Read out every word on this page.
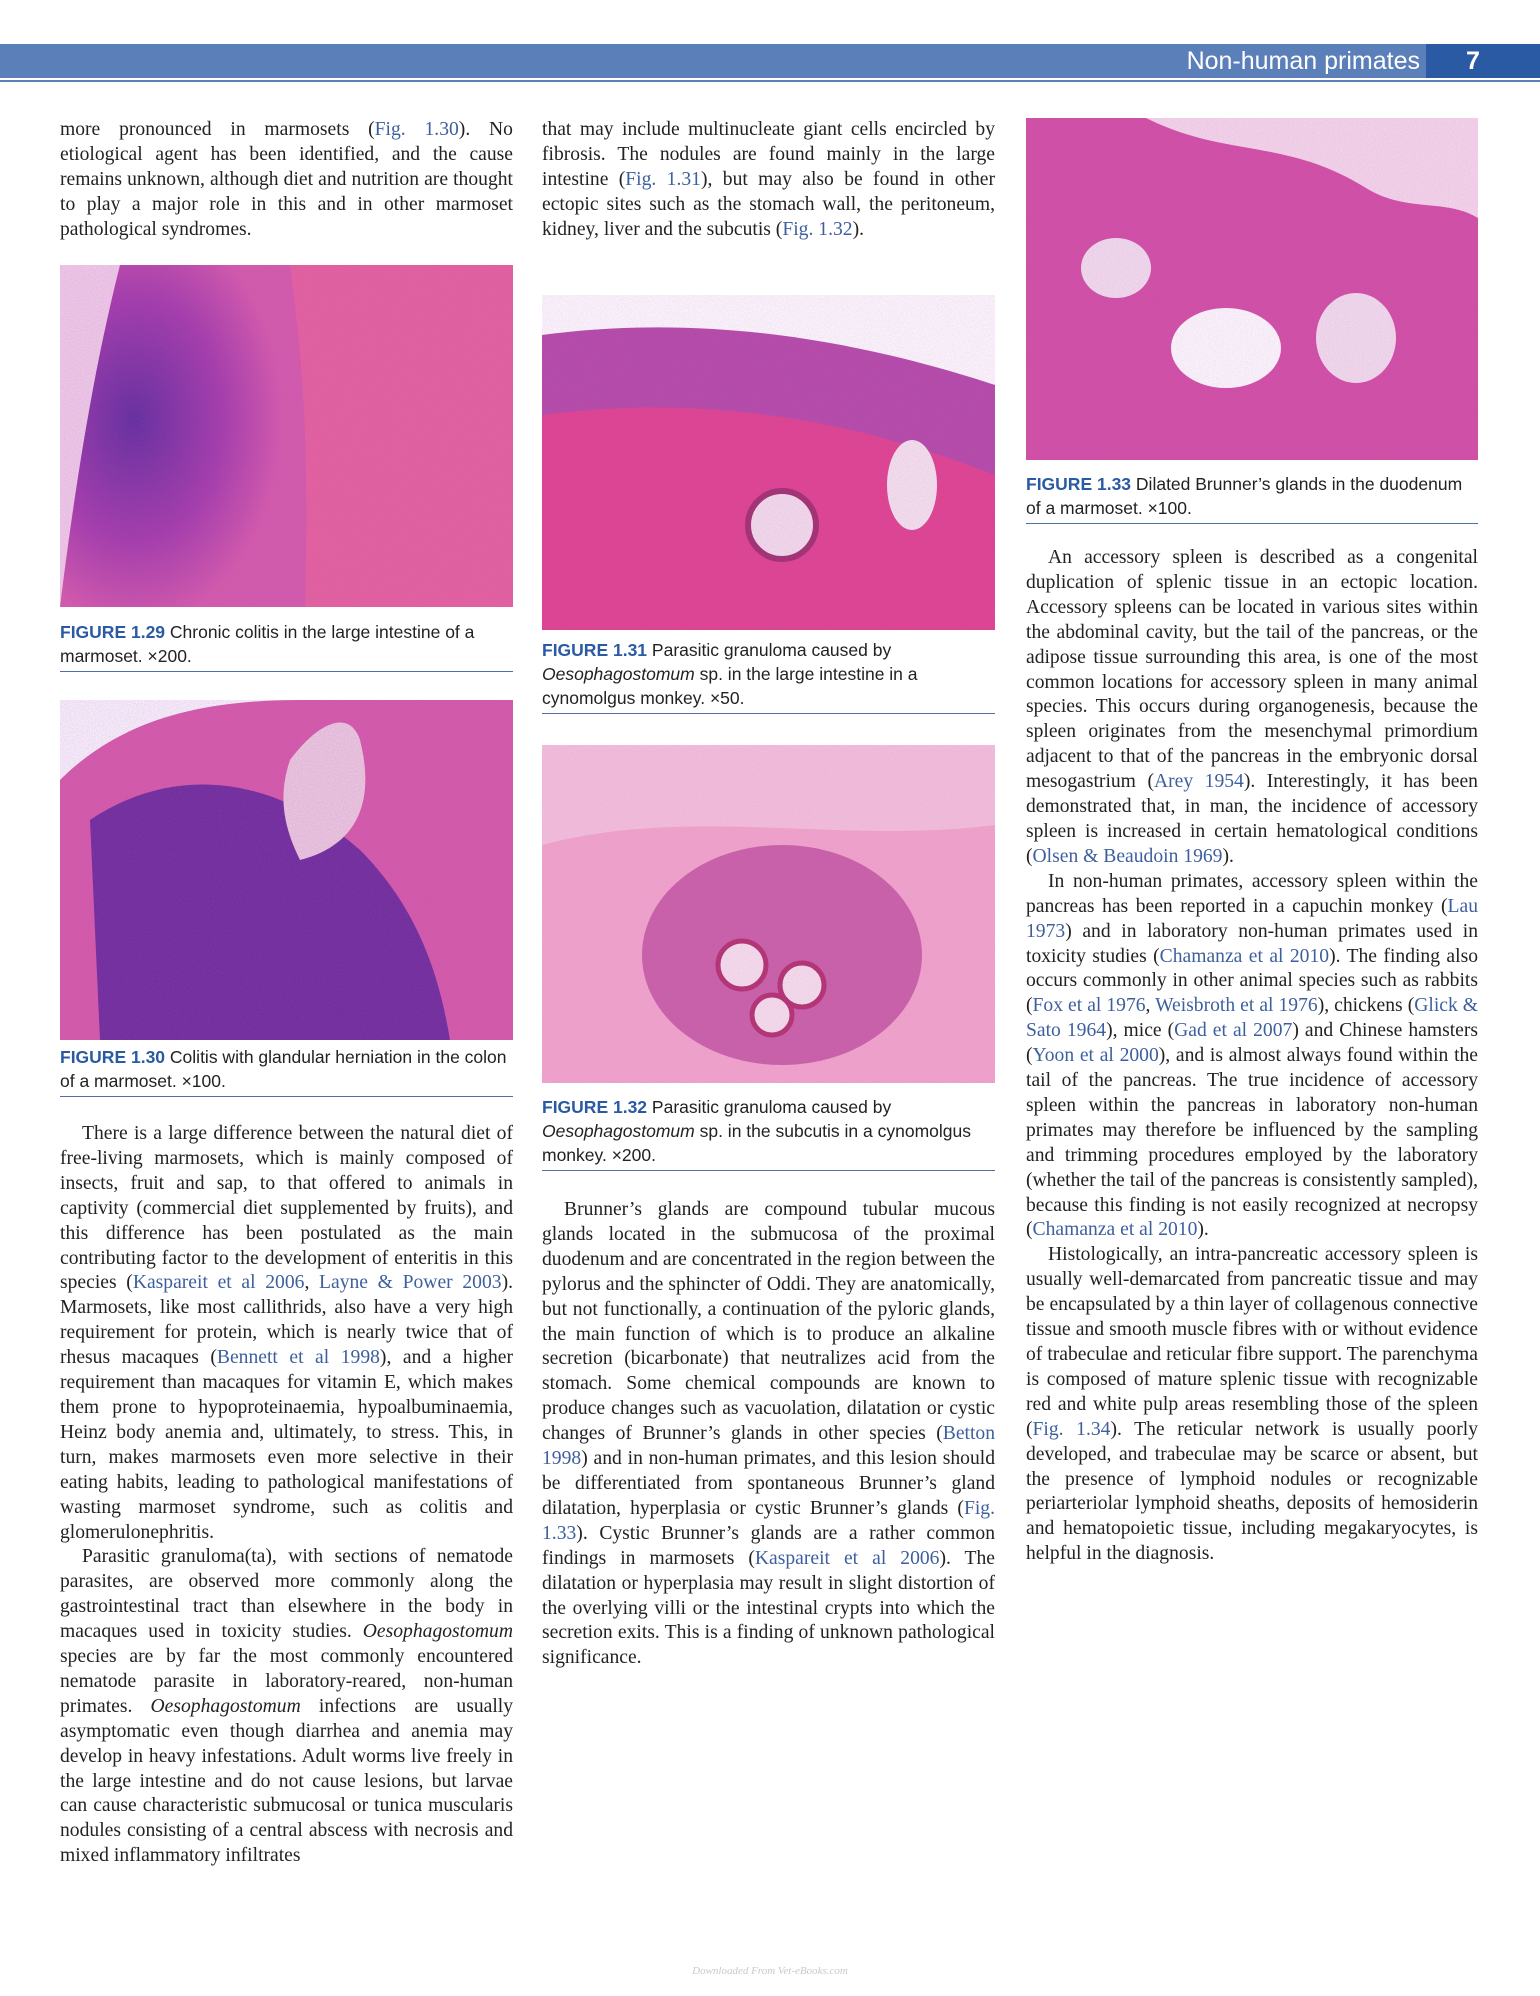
Non-human primates	7

more pronounced in marmosets (Fig. 1.30). No etiological agent has been identified, and the cause remains unknown, although diet and nutrition are thought to play a major role in this and in other marmoset pathological syndromes.

FIGURE 1.29 Chronic colitis in the large intestine of a marmoset. ×200.
FIGURE 1.30 Colitis with glandular herniation in the colon of a marmoset. ×100.

There is a large difference between the natural diet of free-living marmosets, which is mainly composed of insects, fruit and sap, to that offered to animals in captivity (commercial diet supplemented by fruits), and this difference has been postulated as the main contributing factor to the development of enteritis in this species (Kaspareit et al 2006, Layne & Power 2003). Marmosets, like most callithrids, also have a very high requirement for protein, which is nearly twice that of rhesus macaques (Bennett et al 1998), and a higher requirement than macaques for vitamin E, which makes them prone to hypoproteinaemia, hypoalbuminaemia, Heinz body anemia and, ultimately, to stress. This, in turn, makes marmosets even more selective in their eating habits, leading to pathological manifestations of wasting marmoset syndrome, such as colitis and glomerulonephritis.

Parasitic granuloma(ta), with sections of nematode parasites, are observed more commonly along the gastrointestinal tract than elsewhere in the body in macaques used in toxicity studies. Oesophagostomum species are by far the most commonly encountered nematode parasite in laboratory-reared, non-human primates. Oesophagostomum infections are usually asymptomatic even though diarrhea and anemia may develop in heavy infestations. Adult worms live freely in the large intestine and do not cause lesions, but larvae can cause characteristic submucosal or tunica muscularis nodules consisting of a central abscess with necrosis and mixed inflammatory infiltrates

that may include multinucleate giant cells encircled by fibrosis. The nodules are found mainly in the large intestine (Fig. 1.31), but may also be found in other ectopic sites such as the stomach wall, the peritoneum, kidney, liver and the subcutis (Fig. 1.32).

FIGURE 1.31 Parasitic granuloma caused by Oesophagostomum sp. in the large intestine in a cynomolgus monkey. ×50.
FIGURE 1.32 Parasitic granuloma caused by Oesophagostomum sp. in the subcutis in a cynomolgus monkey. ×200.

Brunner’s glands are compound tubular mucous glands located in the submucosa of the proximal duodenum and are concentrated in the region between the pylorus and the sphincter of Oddi. They are anatomically, but not functionally, a continuation of the pyloric glands, the main function of which is to produce an alkaline secretion (bicarbonate) that neutralizes acid from the stomach. Some chemical compounds are known to produce changes such as vacuolation, dilatation or cystic changes of Brunner’s glands in other species (Betton 1998) and in non-human primates, and this lesion should be differentiated from spontaneous Brunner’s gland dilatation, hyperplasia or cystic Brunner’s glands (Fig. 1.33). Cystic Brunner’s glands are a rather common findings in marmosets (Kaspareit et al 2006). The dilatation or hyperplasia may result in slight distortion of the overlying villi or the intestinal crypts into which the secretion exits. This is a finding of unknown pathological significance.

FIGURE 1.33 Dilated Brunner’s glands in the duodenum of a marmoset. ×100.

An accessory spleen is described as a congenital duplication of splenic tissue in an ectopic location. Accessory spleens can be located in various sites within the abdominal cavity, but the tail of the pancreas, or the adipose tissue surrounding this area, is one of the most common locations for accessory spleen in many animal species. This occurs during organogenesis, because the spleen originates from the mesenchymal primordium adjacent to that of the pancreas in the embryonic dorsal mesogastrium (Arey 1954). Interestingly, it has been demonstrated that, in man, the incidence of accessory spleen is increased in certain hematological conditions (Olsen & Beaudoin 1969).

In non-human primates, accessory spleen within the pancreas has been reported in a capuchin monkey (Lau 1973) and in laboratory non-human primates used in toxicity studies (Chamanza et al 2010). The finding also occurs commonly in other animal species such as rabbits (Fox et al 1976, Weisbroth et al 1976), chickens (Glick & Sato 1964), mice (Gad et al 2007) and Chinese hamsters (Yoon et al 2000), and is almost always found within the tail of the pancreas. The true incidence of accessory spleen within the pancreas in laboratory non-human primates may therefore be influenced by the sampling and trimming procedures employed by the laboratory (whether the tail of the pancreas is consistently sampled), because this finding is not easily recognized at necropsy (Chamanza et al 2010).

Histologically, an intra-pancreatic accessory spleen is usually well-demarcated from pancreatic tissue and may be encapsulated by a thin layer of collagenous connective tissue and smooth muscle fibres with or without evidence of trabeculae and reticular fibre support. The parenchyma is composed of mature splenic tissue with recognizable red and white pulp areas resembling those of the spleen (Fig. 1.34). The reticular network is usually poorly developed, and trabeculae may be scarce or absent, but the presence of lymphoid nodules or recognizable periarteriolar lymphoid sheaths, deposits of hemosiderin and hematopoietic tissue, including megakaryocytes, is helpful in the diagnosis.

Downloaded From Vet-eBooks.com
